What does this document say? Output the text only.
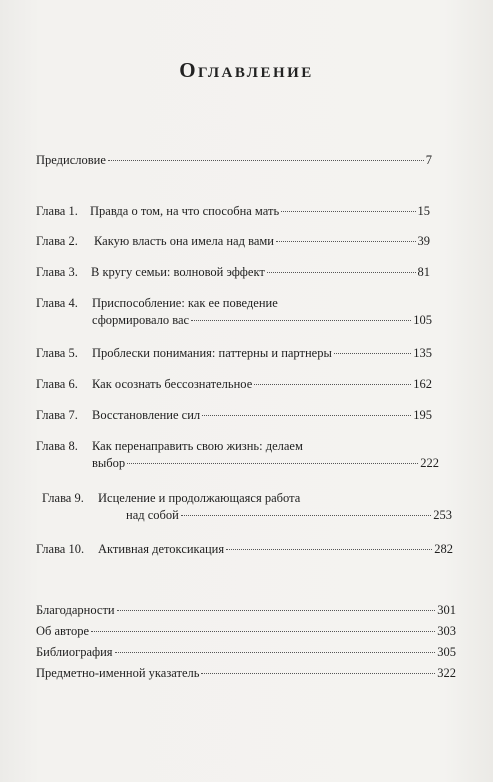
Оглавление
Предисловие	7
Глава 1. Правда о том, на что способна мать	15
Глава 2.	Какую власть она имела над вами	39
Глава 3.	В кругу семьи: волновой эффект	81
Глава 4.	Приспособление: как ее поведение
сформировало вас	105
Глава 5.	Проблески понимания: паттерны и партнеры	135
Глава 6.	Как осознать бессознательное	162
Глава 7.	Восстановление сил	195
Глава 8.	Как перенаправить свою жизнь: делаем
выбор	222
Глава 9.	Исцеление и продолжающаяся работа
над собой	253
Глава 10.	Активная детоксикация	282
Благодарности	301
Об авторе	303
Библиография	305
Предметно-именной указатель	322
